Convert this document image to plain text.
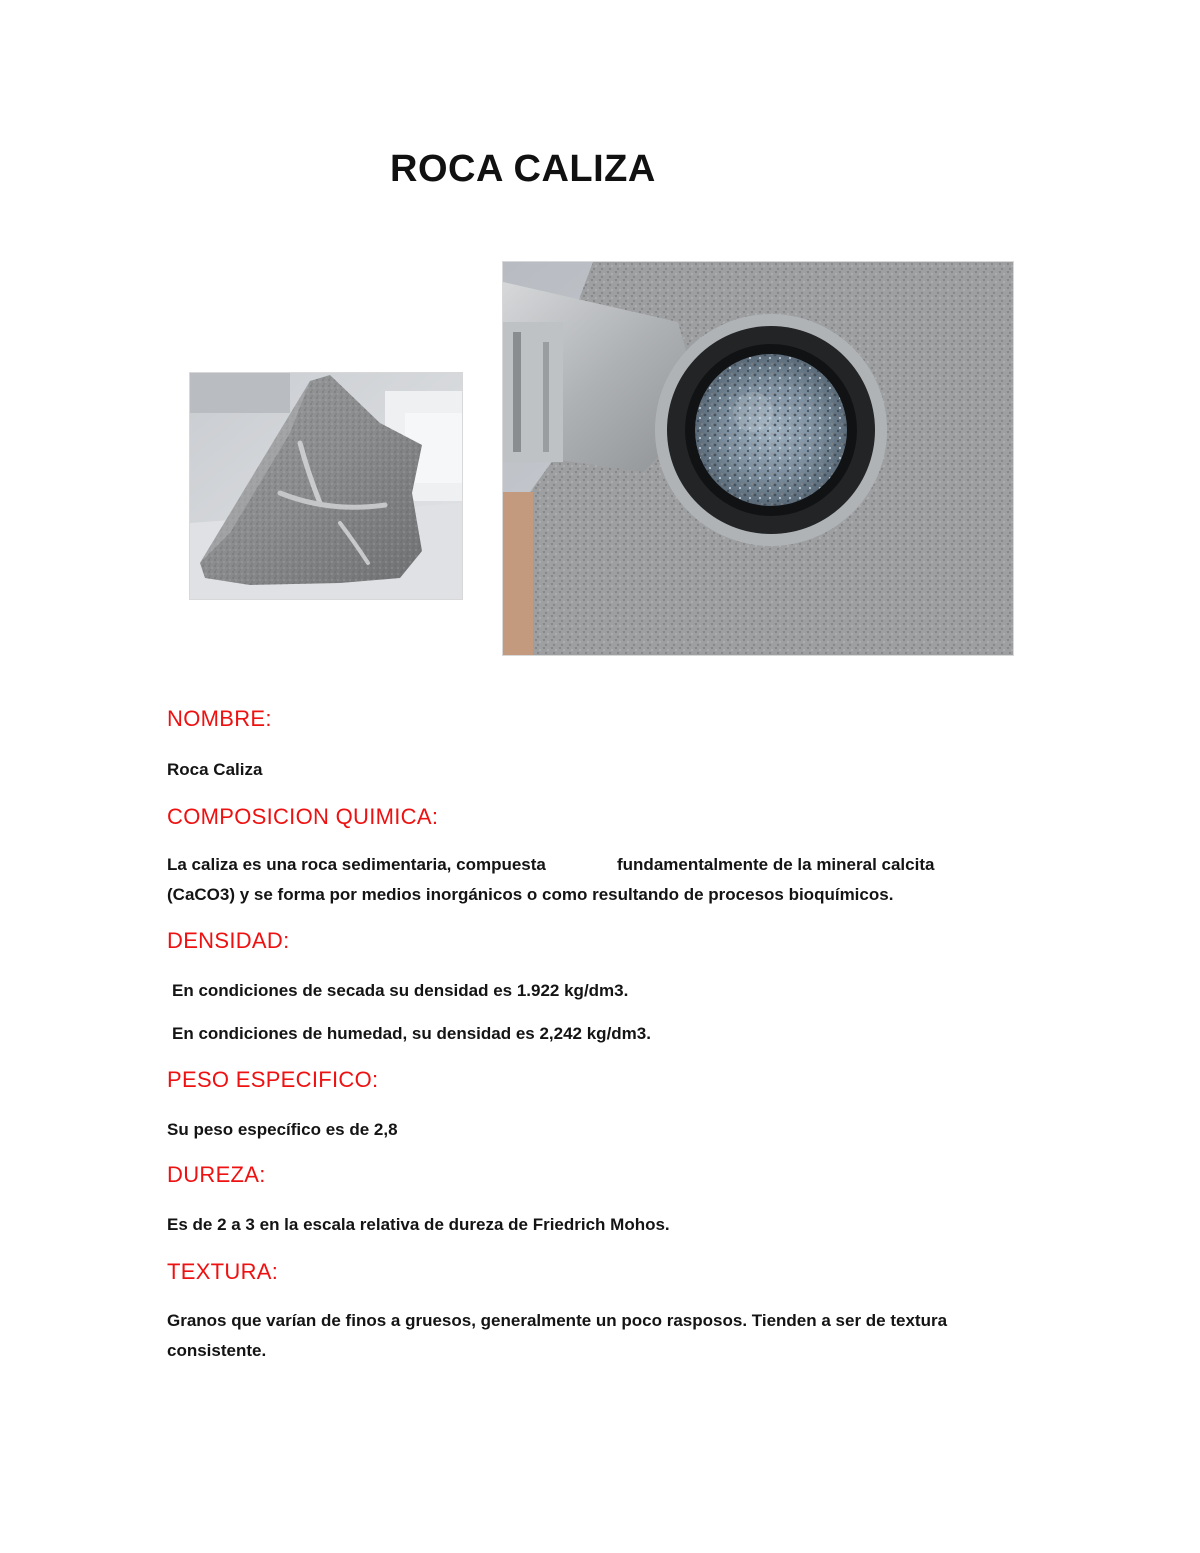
ROCA CALIZA
NOMBRE:
Roca Caliza
COMPOSICION QUIMICA:
La caliza es una roca sedimentaria, compuesta	fundamentalmente de la mineral calcita
(CaCO3) y se forma por medios inorgánicos o como resultando de procesos bioquímicos.
DENSIDAD:
En condiciones de secada su densidad es 1.922 kg/dm3.
En condiciones de humedad, su densidad es 2,242 kg/dm3.
PESO ESPECIFICO:
Su peso específico es de 2,8
DUREZA:
Es de 2 a 3 en la escala relativa de dureza de Friedrich Mohos.
TEXTURA:
Granos que varían de finos a gruesos, generalmente un poco rasposos. Tienden a ser de textura consistente.
